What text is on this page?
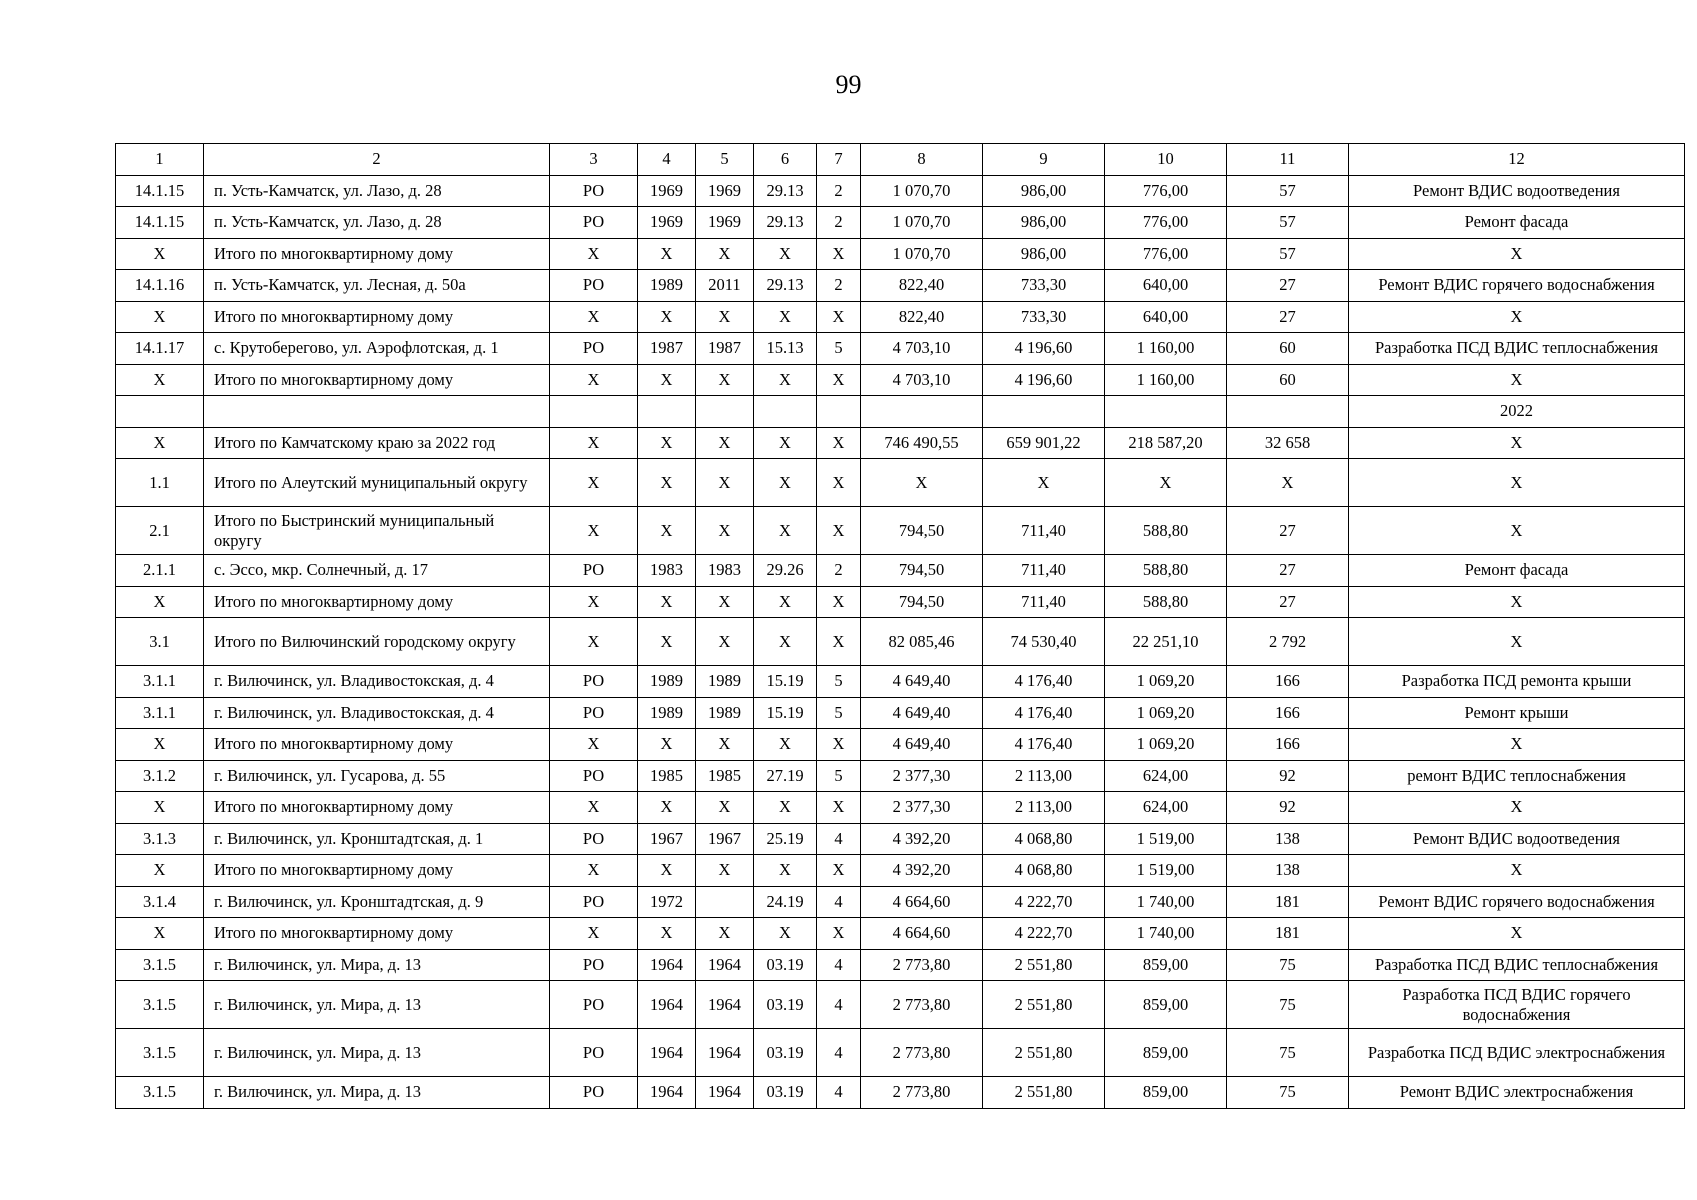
99
1	2	3	4	5	6	7	8	9	10	11	12
14.1.15	п. Усть-Камчатск, ул. Лазо, д. 28	РО	1969	1969	29.13	2	1 070,70	986,00	776,00	57	Ремонт ВДИС водоотведения
14.1.15	п. Усть-Камчатск, ул. Лазо, д. 28	РО	1969	1969	29.13	2	1 070,70	986,00	776,00	57	Ремонт фасада
X	Итого по многоквартирному дому	X	X	X	X	X	1 070,70	986,00	776,00	57	X
14.1.16	п. Усть-Камчатск, ул. Лесная, д. 50а	РО	1989	2011	29.13	2	822,40	733,30	640,00	27	Ремонт ВДИС горячего водоснабжения
X	Итого по многоквартирному дому	X	X	X	X	X	822,40	733,30	640,00	27	X
14.1.17	с. Крутоберегово, ул. Аэрофлотская, д. 1	РО	1987	1987	15.13	5	4 703,10	4 196,60	1 160,00	60	Разработка ПСД ВДИС теплоснабжения
X	Итого по многоквартирному дому	X	X	X	X	X	4 703,10	4 196,60	1 160,00	60	X
											2022
X	Итого по Камчатскому краю за 2022 год	X	X	X	X	X	746 490,55	659 901,22	218 587,20	32 658	X
1.1	Итого по Алеутский муниципальный округу	X	X	X	X	X	X	X	X	X	X
2.1	Итого по Быстринский муниципальный округу	X	X	X	X	X	794,50	711,40	588,80	27	X
2.1.1	с. Эссо, мкр. Солнечный, д. 17	РО	1983	1983	29.26	2	794,50	711,40	588,80	27	Ремонт фасада
X	Итого по многоквартирному дому	X	X	X	X	X	794,50	711,40	588,80	27	X
3.1	Итого по Вилючинский городскому округу	X	X	X	X	X	82 085,46	74 530,40	22 251,10	2 792	X
3.1.1	г. Вилючинск, ул. Владивостокская, д. 4	РО	1989	1989	15.19	5	4 649,40	4 176,40	1 069,20	166	Разработка ПСД ремонта крыши
3.1.1	г. Вилючинск, ул. Владивостокская, д. 4	РО	1989	1989	15.19	5	4 649,40	4 176,40	1 069,20	166	Ремонт крыши
X	Итого по многоквартирному дому	X	X	X	X	X	4 649,40	4 176,40	1 069,20	166	X
3.1.2	г. Вилючинск, ул. Гусарова, д. 55	РО	1985	1985	27.19	5	2 377,30	2 113,00	624,00	92	ремонт ВДИС теплоснабжения
X	Итого по многоквартирному дому	X	X	X	X	X	2 377,30	2 113,00	624,00	92	X
3.1.3	г. Вилючинск, ул. Кронштадтская, д. 1	РО	1967	1967	25.19	4	4 392,20	4 068,80	1 519,00	138	Ремонт ВДИС водоотведения
X	Итого по многоквартирному дому	X	X	X	X	X	4 392,20	4 068,80	1 519,00	138	X
3.1.4	г. Вилючинск, ул. Кронштадтская, д. 9	РО	1972		24.19	4	4 664,60	4 222,70	1 740,00	181	Ремонт ВДИС горячего водоснабжения
X	Итого по многоквартирному дому	X	X	X	X	X	4 664,60	4 222,70	1 740,00	181	X
3.1.5	г. Вилючинск, ул. Мира, д. 13	РО	1964	1964	03.19	4	2 773,80	2 551,80	859,00	75	Разработка ПСД ВДИС теплоснабжения
3.1.5	г. Вилючинск, ул. Мира, д. 13	РО	1964	1964	03.19	4	2 773,80	2 551,80	859,00	75	Разработка ПСД ВДИС горячего водоснабжения
3.1.5	г. Вилючинск, ул. Мира, д. 13	РО	1964	1964	03.19	4	2 773,80	2 551,80	859,00	75	Разработка ПСД ВДИС электроснабжения
3.1.5	г. Вилючинск, ул. Мира, д. 13	РО	1964	1964	03.19	4	2 773,80	2 551,80	859,00	75	Ремонт ВДИС электроснабжения
